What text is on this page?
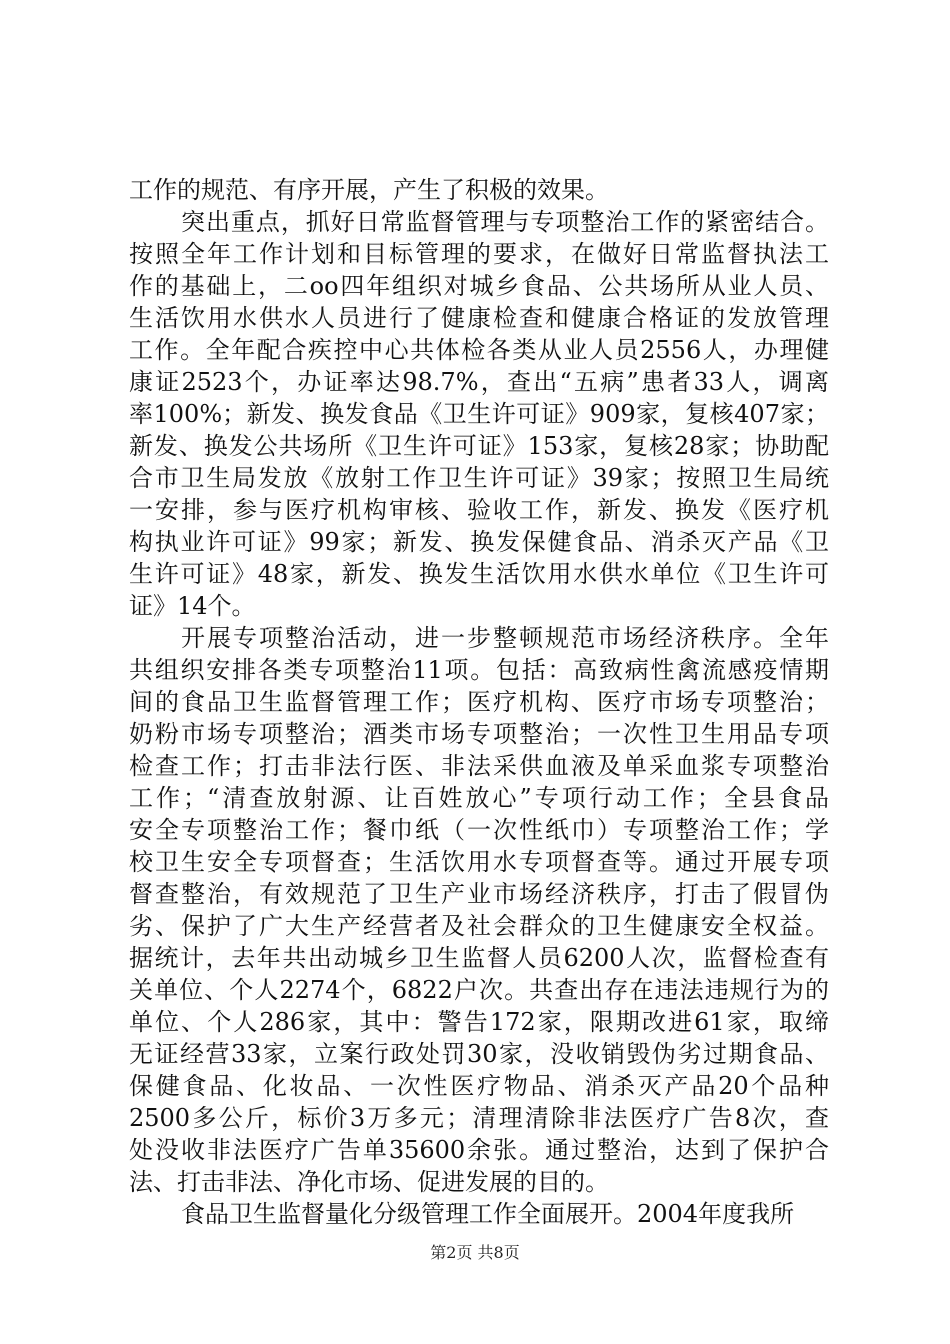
工作的规范、有序开展，产生了积极的效果。
突出重点，抓好日常监督管理与专项整治工作的紧密结合。
按照全年工作计划和目标管理的要求，在做好日常监督执法工
作的基础上，二oo四年组织对城乡食品、公共场所从业人员、
生活饮用水供水人员进行了健康检查和健康合格证的发放管理
工作。全年配合疾控中心共体检各类从业人员2556人，办理健
康证2523个，办证率达98.7%，查出“五病”患者33人，调离
率100%；新发、换发食品《卫生许可证》909家，复核407家；
新发、换发公共场所《卫生许可证》153家，复核28家；协助配
合市卫生局发放《放射工作卫生许可证》39家；按照卫生局统
一安排，参与医疗机构审核、验收工作，新发、换发《医疗机
构执业许可证》99家；新发、换发保健食品、消杀灭产品《卫
生许可证》48家，新发、换发生活饮用水供水单位《卫生许可
证》14个。
开展专项整治活动，进一步整顿规范市场经济秩序。全年
共组织安排各类专项整治11项。包括：高致病性禽流感疫情期
间的食品卫生监督管理工作；医疗机构、医疗市场专项整治；
奶粉市场专项整治；酒类市场专项整治；一次性卫生用品专项
检查工作；打击非法行医、非法采供血液及单采血浆专项整治
工作；“清查放射源、让百姓放心”专项行动工作；全县食品
安全专项整治工作；餐巾纸（一次性纸巾）专项整治工作；学
校卫生安全专项督查；生活饮用水专项督查等。通过开展专项
督查整治，有效规范了卫生产业市场经济秩序，打击了假冒伪
劣、保护了广大生产经营者及社会群众的卫生健康安全权益。
据统计，去年共出动城乡卫生监督人员6200人次，监督检查有
关单位、个人2274个，6822户次。共查出存在违法违规行为的
单位、个人286家，其中：警告172家，限期改进61家，取缔
无证经营33家，立案行政处罚30家，没收销毁伪劣过期食品、
保健食品、化妆品、一次性医疗物品、消杀灭产品20个品种
2500多公斤，标价3万多元；清理清除非法医疗广告8次，查
处没收非法医疗广告单35600余张。通过整治，达到了保护合
法、打击非法、净化市场、促进发展的目的。
食品卫生监督量化分级管理工作全面展开。2004年度我所
第2页 共8页
